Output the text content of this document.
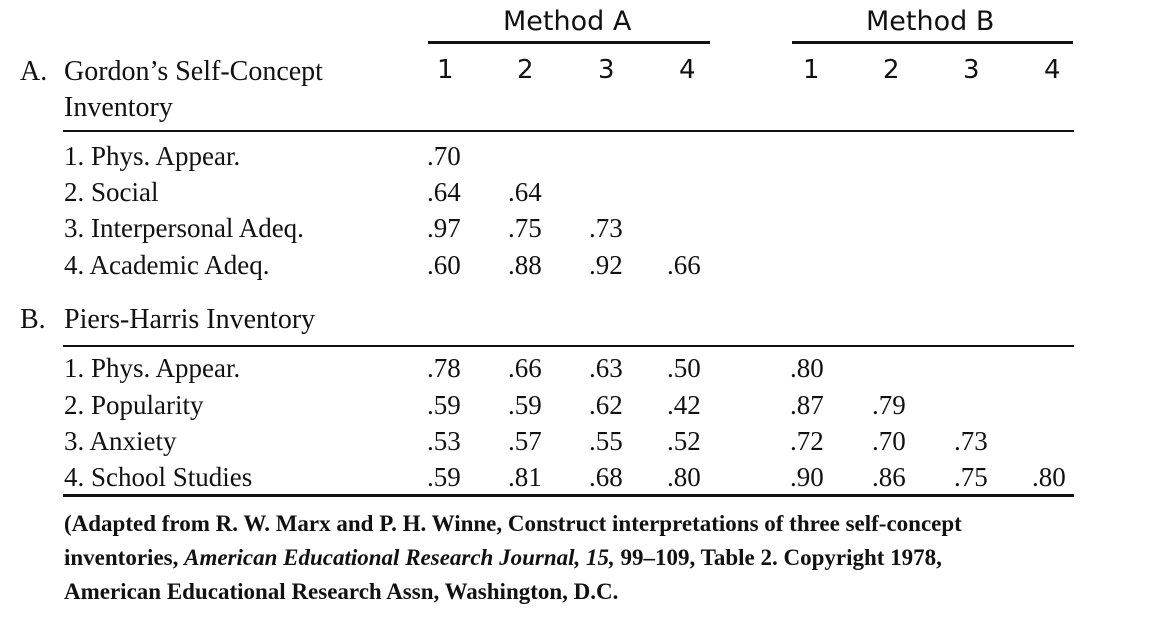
Method A	Method B
A. Gordon’s Self-Concept
Inventory
1 2 3 4	1 2 3 4
1. Phys. Appear.	.70
2. Social	.64 .64
3. Interpersonal Adeq.	.97 .75 .73
4. Academic Adeq.	.60 .88 .92 .66
B. Piers-Harris Inventory
1. Phys. Appear.	.78 .66 .63 .50	.80
2. Popularity	.59 .59 .62 .42	.87 .79
3. Anxiety	.53 .57 .55 .52	.72 .70 .73
4. School Studies	.59 .81 .68 .80	.90 .86 .75 .80
(Adapted from R. W. Marx and P. H. Winne, Construct interpretations of three self-concept
inventories, American Educational Research Journal, 15, 99–109, Table 2. Copyright 1978,
American Educational Research Assn, Washington, D.C.
